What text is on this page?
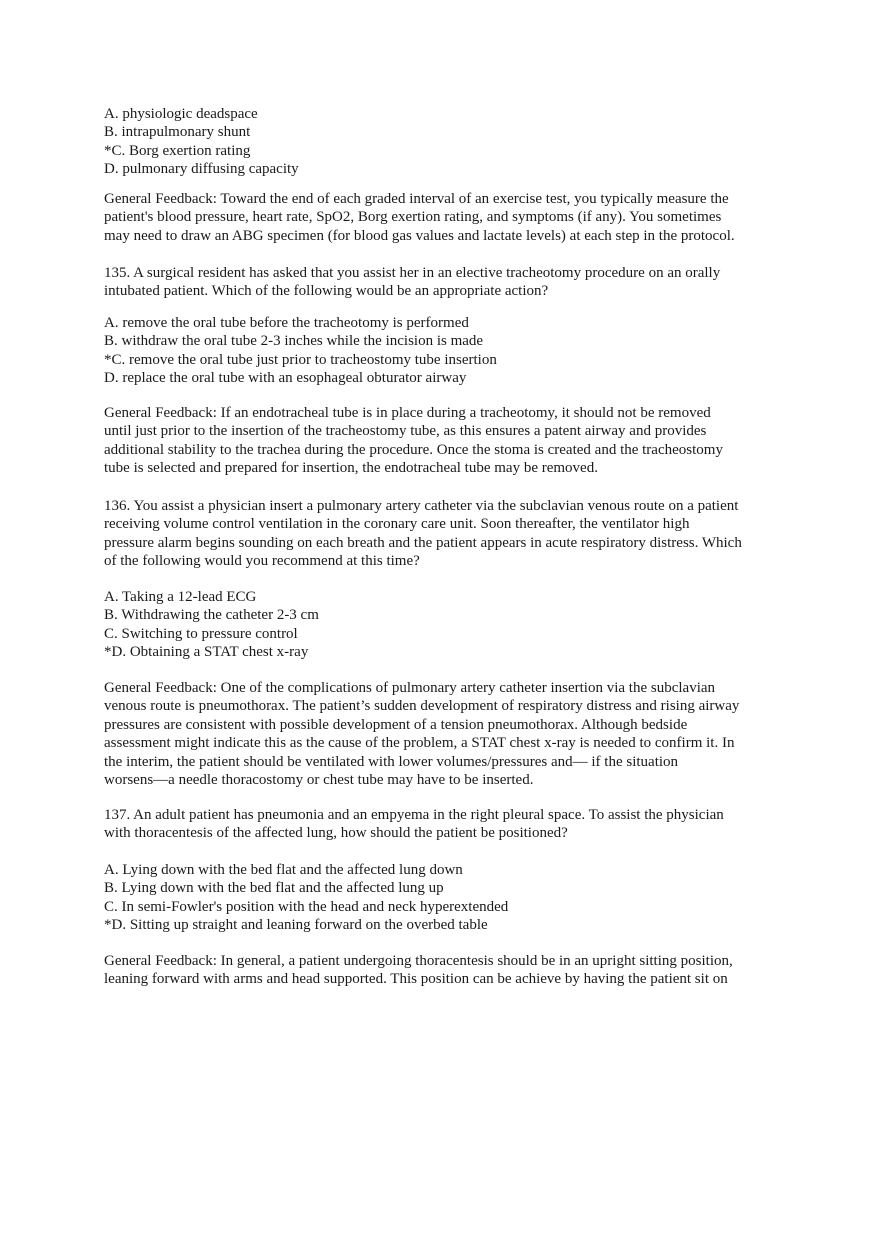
A. physiologic deadspace
B. intrapulmonary shunt
*C. Borg exertion rating
D. pulmonary diffusing capacity
General Feedback: Toward the end of each graded interval of an exercise test, you typically measure the
patient's blood pressure, heart rate, SpO2, Borg exertion rating, and symptoms (if any). You sometimes
may need to draw an ABG specimen (for blood gas values and lactate levels) at each step in the protocol.
135. A surgical resident has asked that you assist her in an elective tracheotomy procedure on an orally
intubated patient. Which of the following would be an appropriate action?
A. remove the oral tube before the tracheotomy is performed
B. withdraw the oral tube 2-3 inches while the incision is made
*C. remove the oral tube just prior to tracheostomy tube insertion
D. replace the oral tube with an esophageal obturator airway
General Feedback: If an endotracheal tube is in place during a tracheotomy, it should not be removed
until just prior to the insertion of the tracheostomy tube, as this ensures a patent airway and provides
additional stability to the trachea during the procedure. Once the stoma is created and the tracheostomy
tube is selected and prepared for insertion, the endotracheal tube may be removed.
136. You assist a physician insert a pulmonary artery catheter via the subclavian venous route on a patient
receiving volume control ventilation in the coronary care unit. Soon thereafter, the ventilator high
pressure alarm begins sounding on each breath and the patient appears in acute respiratory distress. Which
of the following would you recommend at this time?
A. Taking a 12-lead ECG
B. Withdrawing the catheter 2-3 cm
C. Switching to pressure control
*D. Obtaining a STAT chest x-ray
General Feedback: One of the complications of pulmonary artery catheter insertion via the subclavian
venous route is pneumothorax. The patient’s sudden development of respiratory distress and rising airway
pressures are consistent with possible development of a tension pneumothorax. Although bedside
assessment might indicate this as the cause of the problem, a STAT chest x-ray is needed to confirm it. In
the interim, the patient should be ventilated with lower volumes/pressures and— if the situation
worsens—a needle thoracostomy or chest tube may have to be inserted.
137. An adult patient has pneumonia and an empyema in the right pleural space. To assist the physician
with thoracentesis of the affected lung, how should the patient be positioned?
A. Lying down with the bed flat and the affected lung down
B. Lying down with the bed flat and the affected lung up
C. In semi-Fowler's position with the head and neck hyperextended
*D. Sitting up straight and leaning forward on the overbed table
General Feedback: In general, a patient undergoing thoracentesis should be in an upright sitting position,
leaning forward with arms and head supported. This position can be achieve by having the patient sit on
